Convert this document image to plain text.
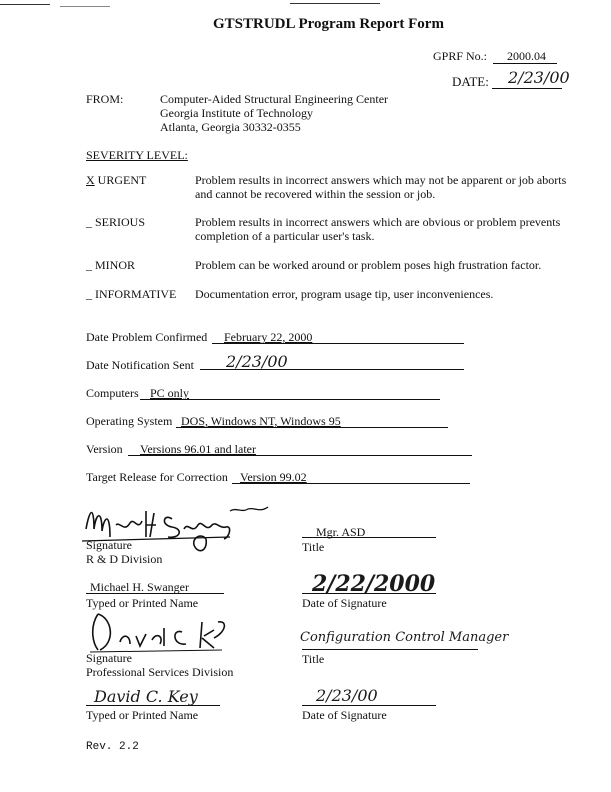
GTSTRUDL Program Report Form
GPRF No.: 2000.04
DATE: 2/23/00
FROM:	Computer-Aided Structural Engineering Center
Georgia Institute of Technology
Atlanta, Georgia 30332-0355
SEVERITY LEVEL:
X URGENT	Problem results in incorrect answers which may not be apparent or job aborts
and cannot be recovered within the session or job.
_ SERIOUS	Problem results in incorrect answers which are obvious or problem prevents
completion of a particular user's task.
_ MINOR	Problem can be worked around or problem poses high frustration factor.
_ INFORMATIVE Documentation error, program usage tip, user inconveniences.
Date Problem Confirmed February 22, 2000
Date Notification Sent 2/23/00
Computers PC only
Operating System DOS, Windows NT, Windows 95
Version Versions 96.01 and later
Target Release for Correction Version 99.02
Signature
R & D Division
Mgr. ASD
Title
Michael H. Swanger
Typed or Printed Name
2/22/2000
Date of Signature
Signature
Professional Services Division
Configuration Control Manager
Title
David C. Key
Typed or Printed Name
2/23/00
Date of Signature
Rev. 2.2
